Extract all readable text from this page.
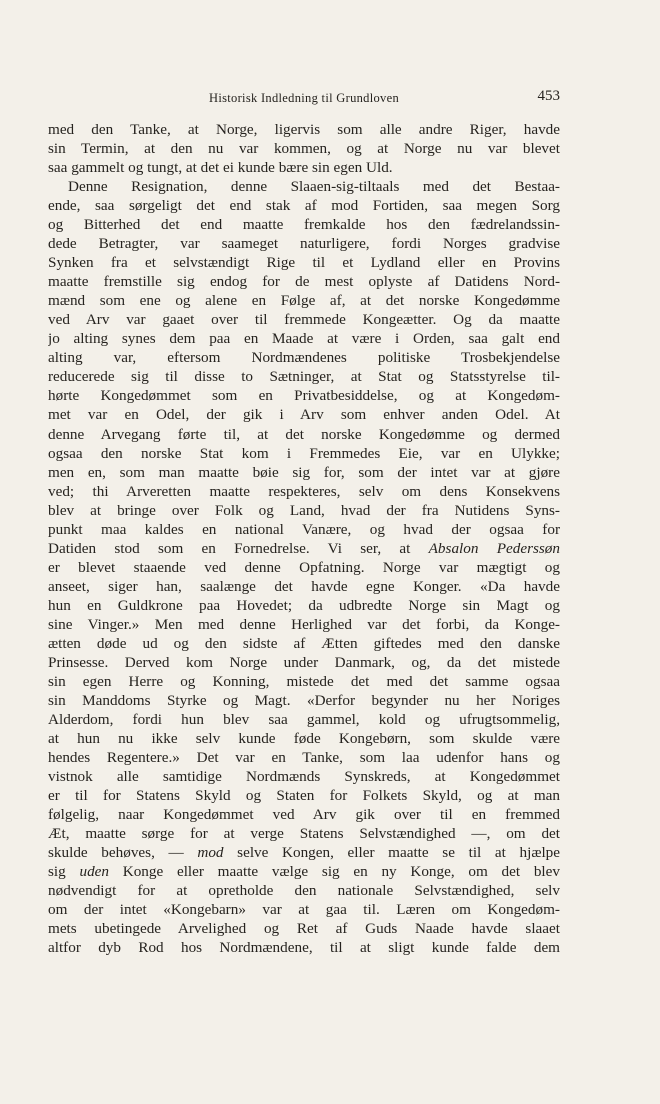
Historisk Indledning til Grundloven	453
med den Tanke, at Norge, ligervis som alle andre Riger, havde
sin Termin, at den nu var kommen, og at Norge nu var blevet
saa gammelt og tungt, at det ei kunde bære sin egen Uld.
Denne Resignation, denne Slaaen-sig-tiltaals med det Bestaa-
ende, saa sørgeligt det end stak af mod Fortiden, saa megen Sorg
og Bitterhed det end maatte fremkalde hos den fædrelandssin-
dede Betragter, var saameget naturligere, fordi Norges gradvise
Synken fra et selvstændigt Rige til et Lydland eller en Provins
maatte fremstille sig endog for de mest oplyste af Datidens Nord-
mænd som ene og alene en Følge af, at det norske Kongedømme
ved Arv var gaaet over til fremmede Kongeætter. Og da maatte
jo alting synes dem paa en Maade at være i Orden, saa galt end
alting var, eftersom Nordmændenes politiske Trosbekjendelse
reducerede sig til disse to Sætninger, at Stat og Statsstyrelse til-
hørte Kongedømmet som en Privatbesiddelse, og at Kongedøm-
met var en Odel, der gik i Arv som enhver anden Odel. At
denne Arvegang førte til, at det norske Kongedømme og dermed
ogsaa den norske Stat kom i Fremmedes Eie, var en Ulykke;
men en, som man maatte bøie sig for, som der intet var at gjøre
ved; thi Arveretten maatte respekteres, selv om dens Konsekvens
blev at bringe over Folk og Land, hvad der fra Nutidens Syns-
punkt maa kaldes en national Vanære, og hvad der ogsaa for
Datiden stod som en Fornedrelse. Vi ser, at Absalon Pederssøn
er blevet staaende ved denne Opfatning. Norge var mægtigt og
anseet, siger han, saalænge det havde egne Konger. «Da havde
hun en Guldkrone paa Hovedet; da udbredte Norge sin Magt og
sine Vinger.» Men med denne Herlighed var det forbi, da Konge-
ætten døde ud og den sidste af Ætten giftedes med den danske
Prinsesse. Derved kom Norge under Danmark, og, da det mistede
sin egen Herre og Konning, mistede det med det samme ogsaa
sin Manddoms Styrke og Magt. «Derfor begynder nu her Noriges
Alderdom, fordi hun blev saa gammel, kold og ufrugtsommelig,
at hun nu ikke selv kunde føde Kongebørn, som skulde være
hendes Regentere.» Det var en Tanke, som laa udenfor hans og
vistnok alle samtidige Nordmænds Synskreds, at Kongedømmet
er til for Statens Skyld og Staten for Folkets Skyld, og at man
følgelig, naar Kongedømmet ved Arv gik over til en fremmed
Æt, maatte sørge for at verge Statens Selvstændighed —, om det
skulde behøves, — mod selve Kongen, eller maatte se til at hjælpe
sig uden Konge eller maatte vælge sig en ny Konge, om det blev
nødvendigt for at opretholde den nationale Selvstændighed, selv
om der intet «Kongebarn» var at gaa til. Læren om Kongedøm-
mets ubetingede Arvelighed og Ret af Guds Naade havde slaaet
altfor dyb Rod hos Nordmændene, til at sligt kunde falde dem
